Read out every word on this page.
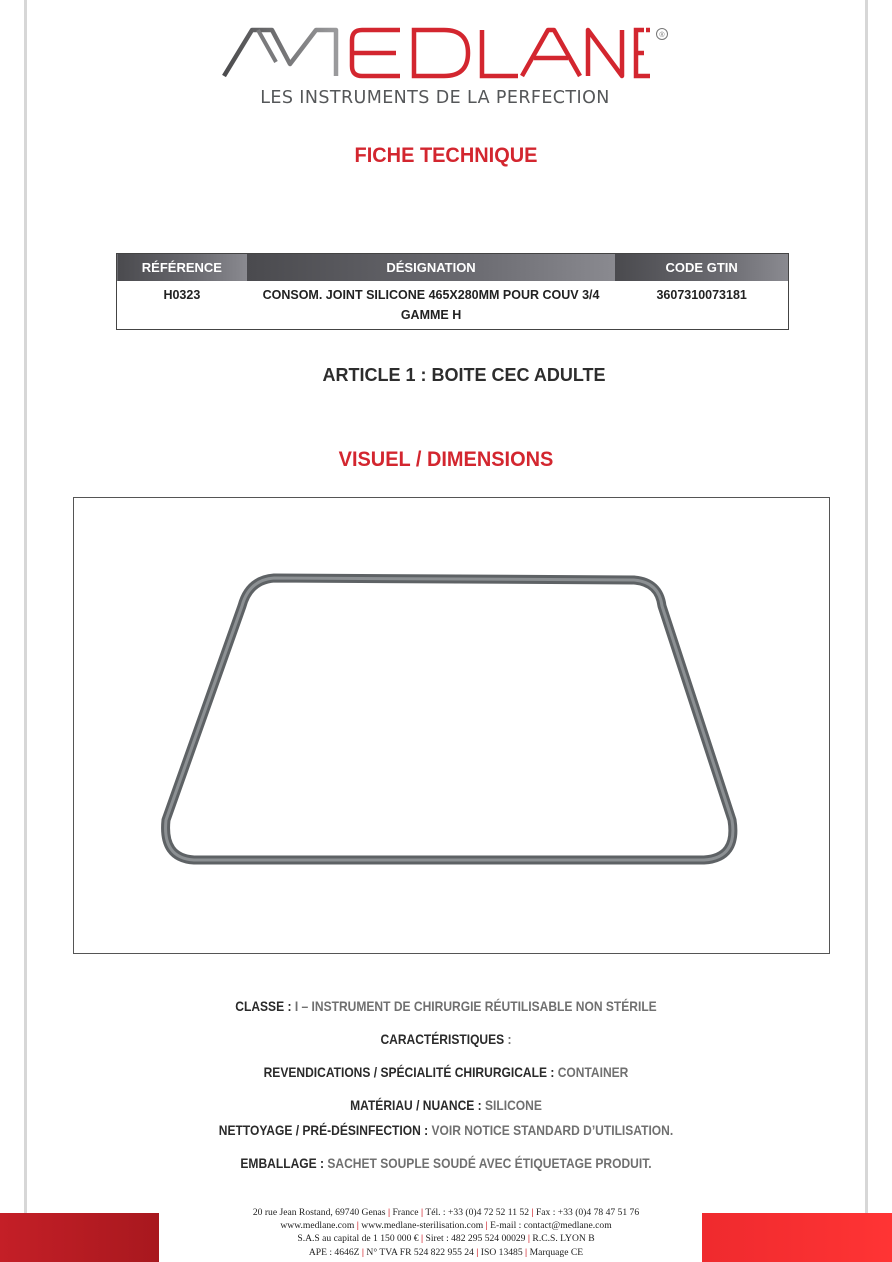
®
LES INSTRUMENTS DE LA PERFECTION
FICHE TECHNIQUE
RÉFÉRENCE	DÉSIGNATION	CODE GTIN
H0323	CONSOM. JOINT SILICONE 465X280MM POUR COUV 3/4 GAMME H	3607310073181
ARTICLE 1 : BOITE CEC ADULTE
VISUEL / DIMENSIONS
CLASSE : I – INSTRUMENT DE CHIRURGIE RÉUTILISABLE NON STÉRILE
CARACTÉRISTIQUES :
REVENDICATIONS / SPÉCIALITÉ CHIRURGICALE : CONTAINER
MATÉRIAU / NUANCE : SILICONE
NETTOYAGE / PRÉ-DÉSINFECTION : VOIR NOTICE STANDARD D’UTILISATION.
EMBALLAGE : SACHET SOUPLE SOUDÉ AVEC ÉTIQUETAGE PRODUIT.
20 rue Jean Rostand, 69740 Genas | France | Tél. : +33 (0)4 72 52 11 52 | Fax : +33 (0)4 78 47 51 76
www.medlane.com | www.medlane-sterilisation.com | E-mail : contact@medlane.com
S.A.S au capital de 1 150 000 € | Siret : 482 295 524 00029 | R.C.S. LYON B
APE : 4646Z | N° TVA FR 524 822 955 24 | ISO 13485 | Marquage CE
